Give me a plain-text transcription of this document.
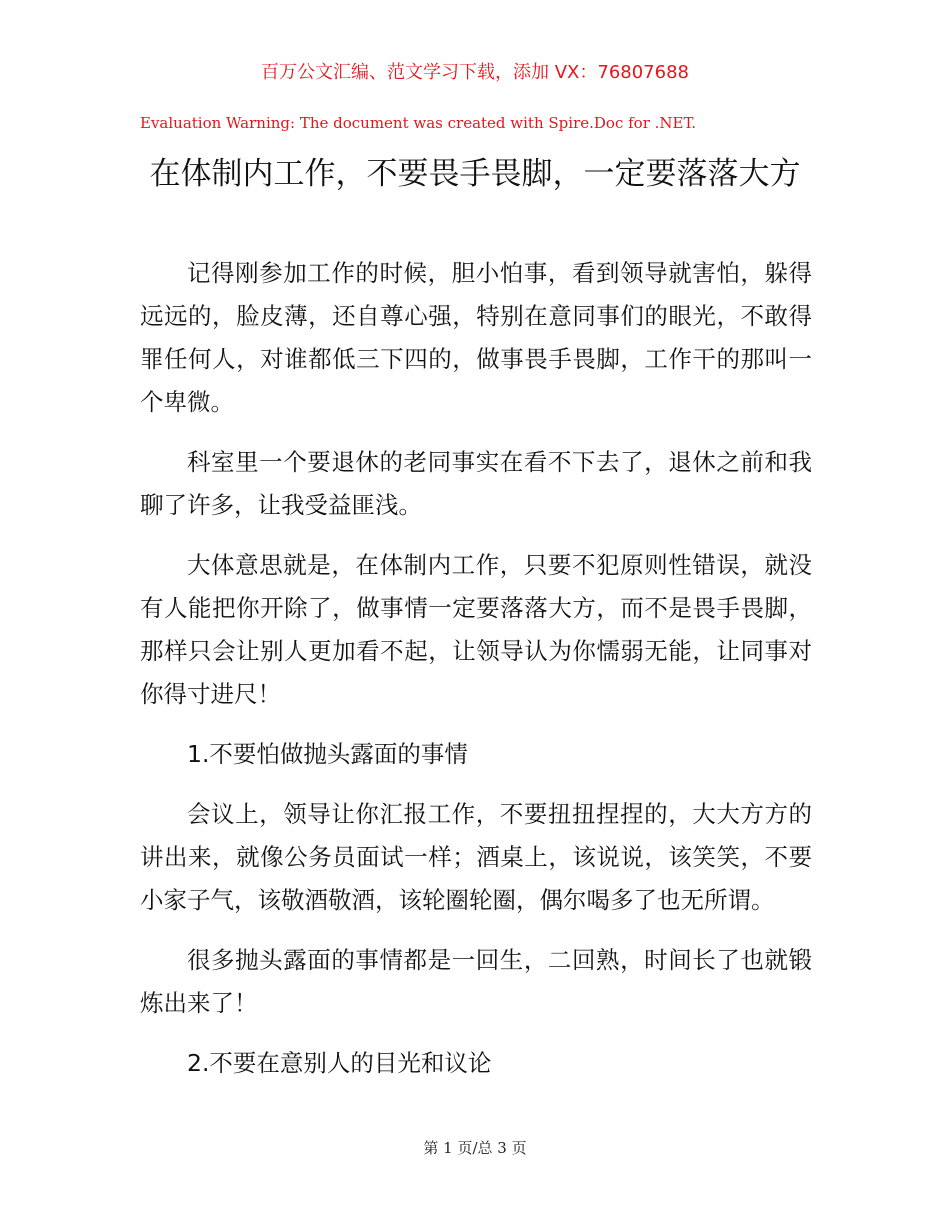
百万公文汇编、范文学习下载，添加 VX：76807688
Evaluation Warning: The document was created with Spire.Doc for .NET.
在体制内工作，不要畏手畏脚，一定要落落大方

记得刚参加工作的时候，胆小怕事，看到领导就害怕，躲得远远的，脸皮薄，还自尊心强，特别在意同事们的眼光，不敢得罪任何人，对谁都低三下四的，做事畏手畏脚，工作干的那叫一个卑微。

科室里一个要退休的老同事实在看不下去了，退休之前和我聊了许多，让我受益匪浅。

大体意思就是，在体制内工作，只要不犯原则性错误，就没有人能把你开除了，做事情一定要落落大方，而不是畏手畏脚，那样只会让别人更加看不起，让领导认为你懦弱无能，让同事对你得寸进尺！

1.不要怕做抛头露面的事情

会议上，领导让你汇报工作，不要扭扭捏捏的，大大方方的讲出来，就像公务员面试一样；酒桌上，该说说，该笑笑，不要小家子气，该敬酒敬酒，该轮圈轮圈，偶尔喝多了也无所谓。

很多抛头露面的事情都是一回生，二回熟，时间长了也就锻炼出来了！

2.不要在意别人的目光和议论

第 1 页/总 3 页
